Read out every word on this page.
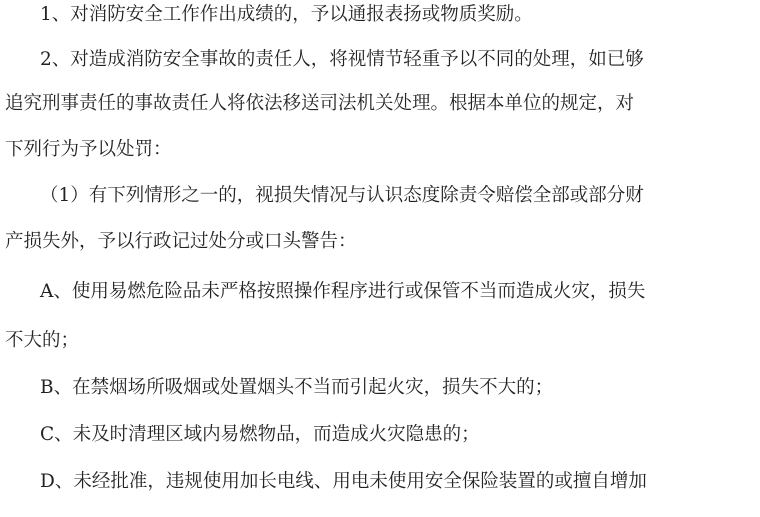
1、对消防安全工作作出成绩的，予以通报表扬或物质奖励。
2、对造成消防安全事故的责任人，将视情节轻重予以不同的处理，如已够
追究刑事责任的事故责任人将依法移送司法机关处理。根据本单位的规定，对
下列行为予以处罚：
（1）有下列情形之一的，视损失情况与认识态度除责令赔偿全部或部分财
产损失外，予以行政记过处分或口头警告：
A、使用易燃危险品未严格按照操作程序进行或保管不当而造成火灾，损失
不大的；
B、在禁烟场所吸烟或处置烟头不当而引起火灾，损失不大的；
C、未及时清理区域内易燃物品，而造成火灾隐患的；
D、未经批准，违规使用加长电线、用电未使用安全保险装置的或擅自增加
